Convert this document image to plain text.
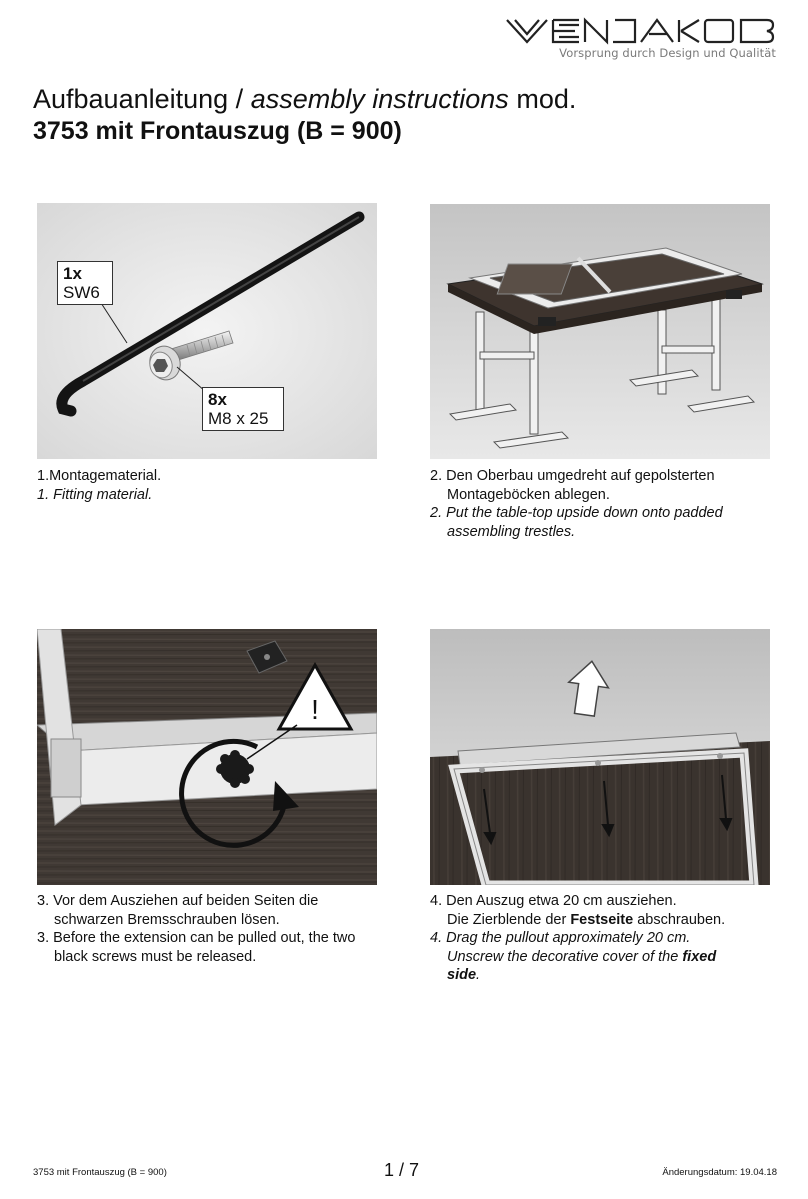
VENJAKOB
Vorsprung durch Design und Qualität
Aufbauanleitung / assembly instructions mod.
3753 mit Frontauszug (B = 900)
1x
SW6
8x
M8 x 25
1.Montagematerial.
1. Fitting material.
2. Den Oberbau umgedreht auf gepolsterten
Montageböcken ablegen.
2. Put the table-top upside down onto padded
assembling trestles.
!
3. Vor dem Ausziehen auf beiden Seiten die
schwarzen Bremsschrauben lösen.
3. Before the extension can be pulled out, the two
black screws must be released.
4. Den Auszug etwa 20 cm ausziehen.
Die Zierblende der Festseite abschrauben.
4. Drag the pullout approximately 20 cm.
Unscrew the decorative cover of the fixed
side.
3753 mit Frontauszug (B = 900)	1 / 7	Änderungsdatum: 19.04.18
